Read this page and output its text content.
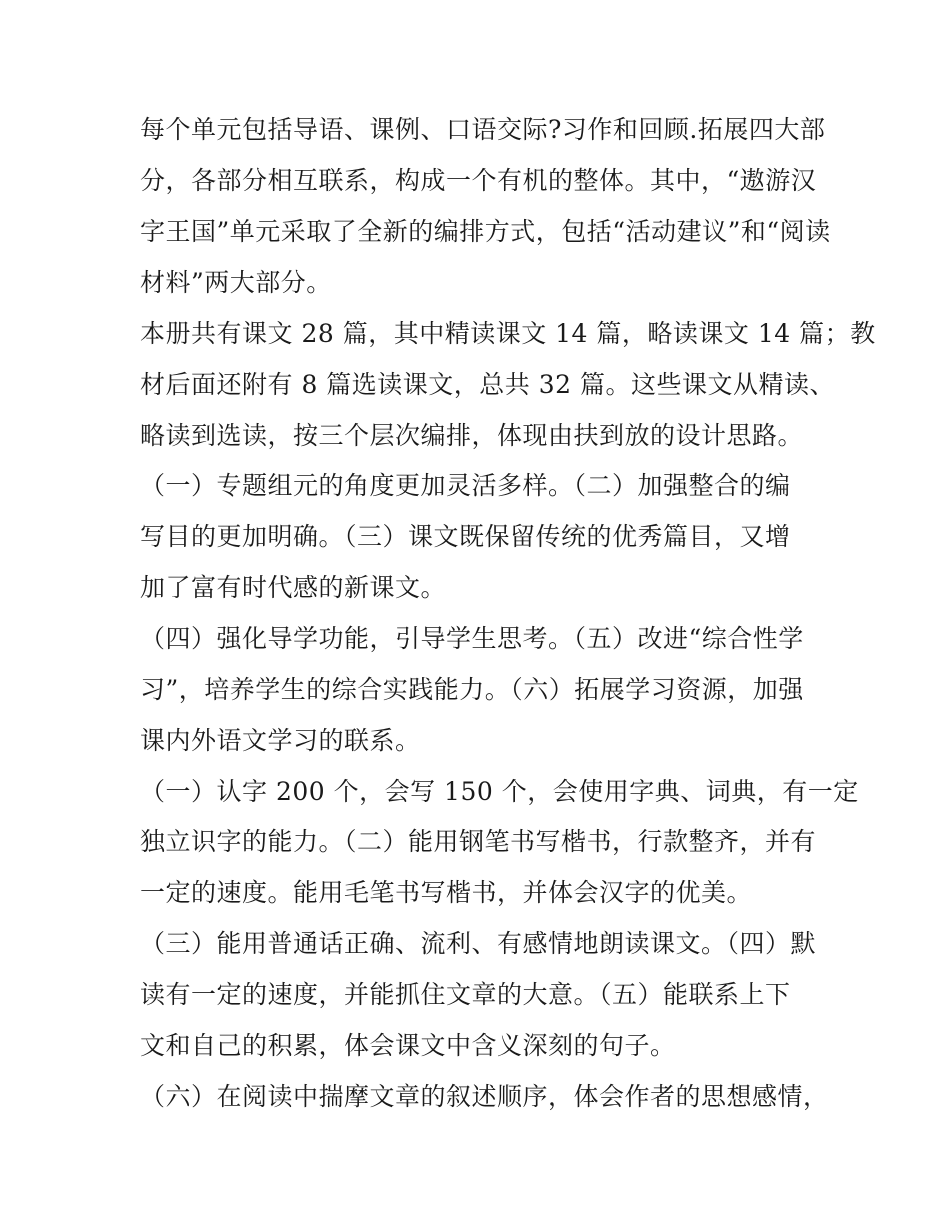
每个单元包括导语、课例、口语交际?习作和回顾.拓展四大部
分，各部分相互联系，构成一个有机的整体。其中，“遨游汉
字王国”单元采取了全新的编排方式，包括“活动建议”和“阅读
材料”两大部分。
本册共有课文 28 篇，其中精读课文 14 篇，略读课文 14 篇；教
材后面还附有 8 篇选读课文，总共 32 篇。这些课文从精读、
略读到选读，按三个层次编排，体现由扶到放的设计思路。
（一）专题组元的角度更加灵活多样。（二）加强整合的编
写目的更加明确。（三）课文既保留传统的优秀篇目，又增
加了富有时代感的新课文。
（四）强化导学功能，引导学生思考。（五）改进“综合性学
习”，培养学生的综合实践能力。（六）拓展学习资源，加强
课内外语文学习的联系。
（一）认字 200 个，会写 150 个，会使用字典、词典，有一定
独立识字的能力。（二）能用钢笔书写楷书，行款整齐，并有
一定的速度。能用毛笔书写楷书，并体会汉字的优美。
（三）能用普通话正确、流利、有感情地朗读课文。（四）默
读有一定的速度，并能抓住文章的大意。（五）能联系上下
文和自己的积累，体会课文中含义深刻的句子。
（六）在阅读中揣摩文章的叙述顺序，体会作者的思想感情，
